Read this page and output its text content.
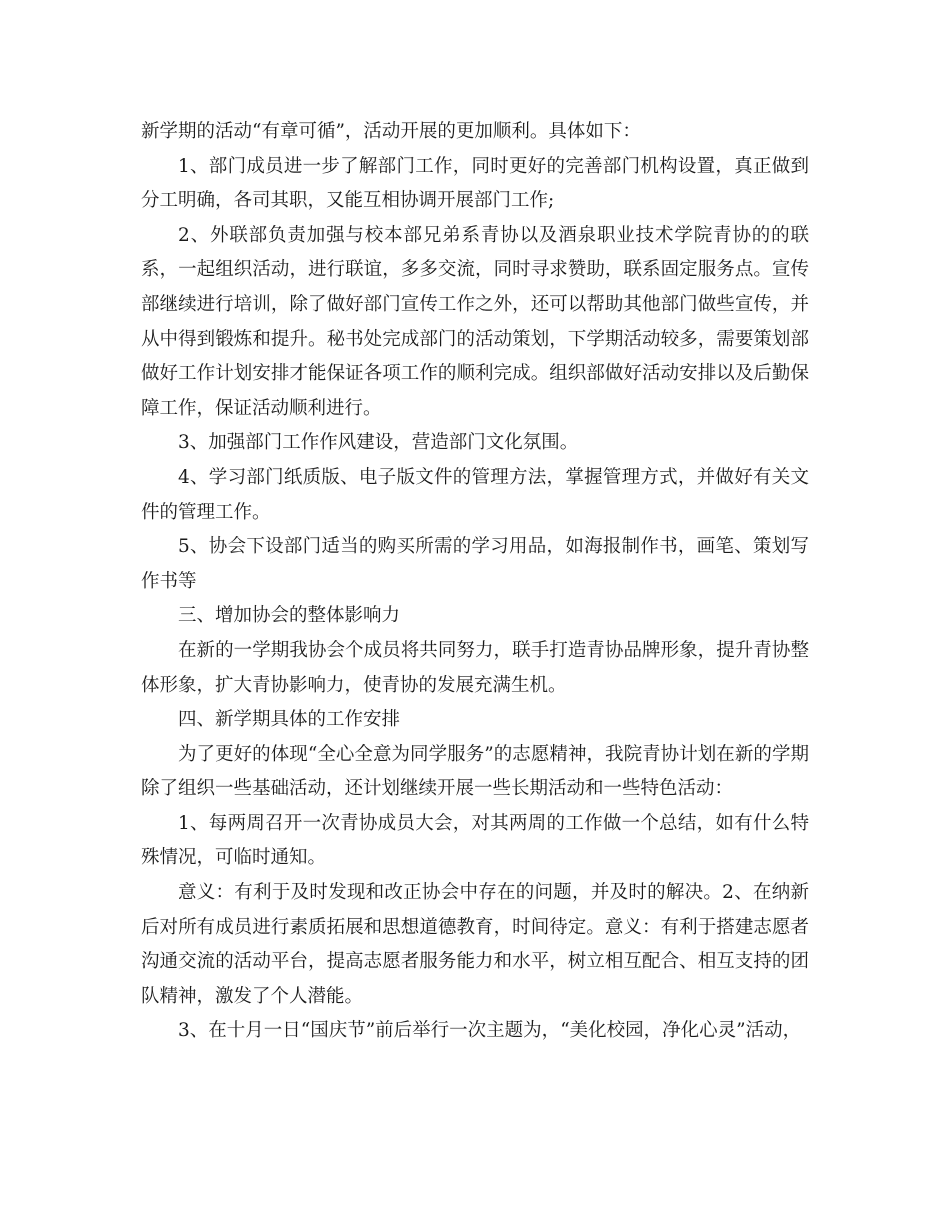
新学期的活动“有章可循”，活动开展的更加顺利。具体如下：

1、部门成员进一步了解部门工作，同时更好的完善部门机构设置，真正做到分工明确，各司其职，又能互相协调开展部门工作;

2、外联部负责加强与校本部兄弟系青协以及酒泉职业技术学院青协的的联系，一起组织活动，进行联谊，多多交流，同时寻求赞助，联系固定服务点。宣传部继续进行培训，除了做好部门宣传工作之外，还可以帮助其他部门做些宣传，并从中得到锻炼和提升。秘书处完成部门的活动策划，下学期活动较多，需要策划部做好工作计划安排才能保证各项工作的顺利完成。组织部做好活动安排以及后勤保障工作，保证活动顺利进行。

3、加强部门工作作风建设，营造部门文化氛围。

4、学习部门纸质版、电子版文件的管理方法，掌握管理方式，并做好有关文件的管理工作。

5、协会下设部门适当的购买所需的学习用品，如海报制作书，画笔、策划写作书等

三、增加协会的整体影响力

在新的一学期我协会个成员将共同努力，联手打造青协品牌形象，提升青协整体形象，扩大青协影响力，使青协的发展充满生机。

四、新学期具体的工作安排

为了更好的体现“全心全意为同学服务”的志愿精神，我院青协计划在新的学期除了组织一些基础活动，还计划继续开展一些长期活动和一些特色活动：

1、每两周召开一次青协成员大会，对其两周的工作做一个总结，如有什么特殊情况，可临时通知。

意义：有利于及时发现和改正协会中存在的问题，并及时的解决。2、在纳新后对所有成员进行素质拓展和思想道德教育，时间待定。意义：有利于搭建志愿者沟通交流的活动平台，提高志愿者服务能力和水平，树立相互配合、相互支持的团队精神，激发了个人潜能。

3、在十月一日“国庆节”前后举行一次主题为，“美化校园，净化心灵”活动，
